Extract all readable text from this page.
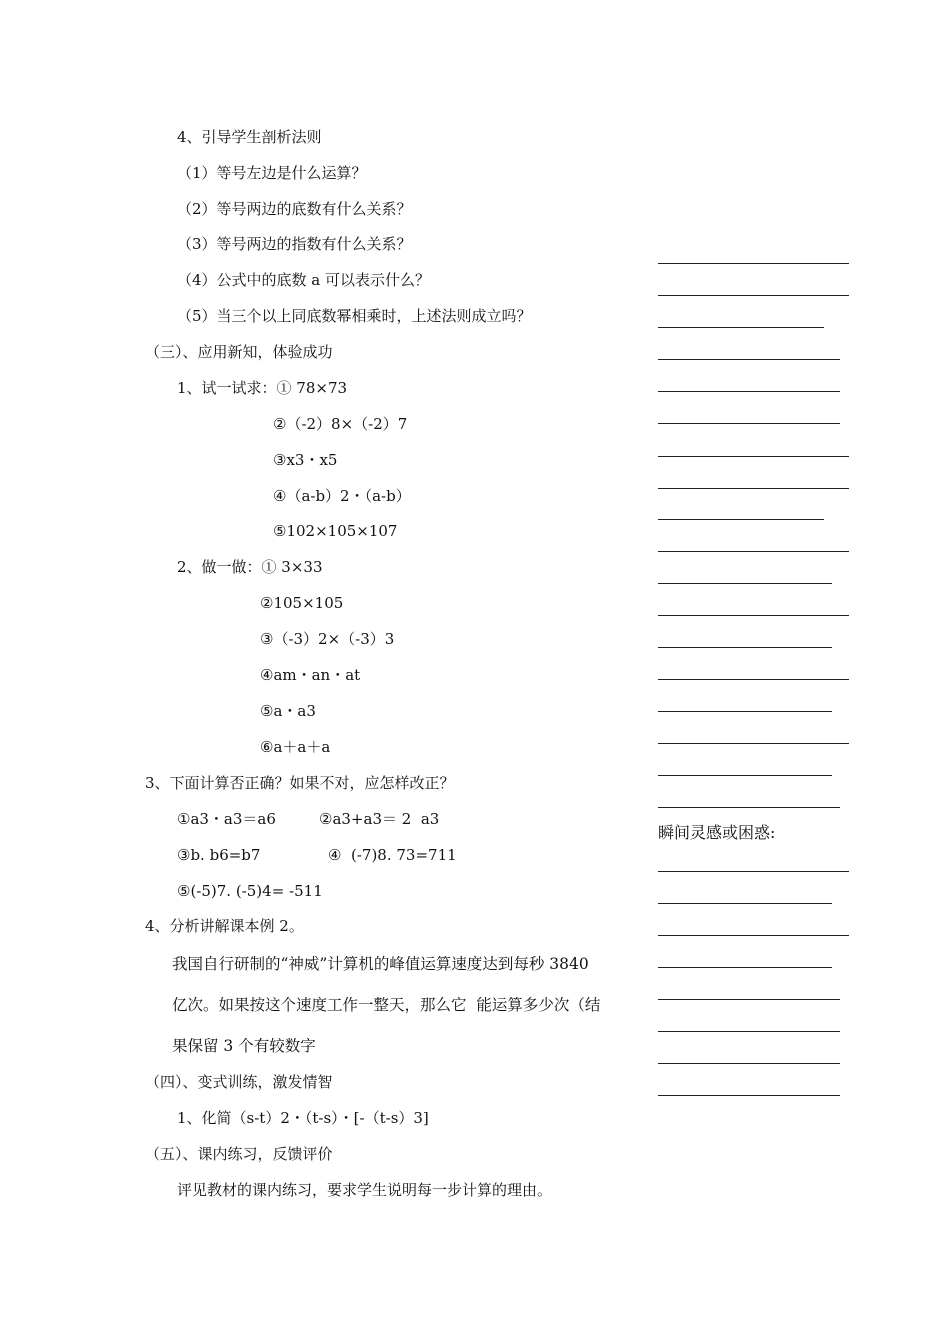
4、引导学生剖析法则
（1）等号左边是什么运算？
（2）等号两边的底数有什么关系？
（3）等号两边的指数有什么关系？
（4）公式中的底数 a 可以表示什么？
（5）当三个以上同底数幂相乘时，上述法则成立吗？
（三）、应用新知，体验成功
1、试一试求：① 78×73
②（-2）8×（-2）7
③x3・x5
④（a-b）2・（a-b）
⑤102×105×107
2、做一做：① 3×33
②105×105
③（-3）2×（-3）3
④am・an・at
⑤a・a3
⑥a＋a＋a
3、下面计算否正确？如果不对，应怎样改正？
①a3・a3＝a6	②a3+a3＝ 2  a3
③b. b6=b7	④  (-7)8. 73=711
⑤(-5)7. (-5)4= -511
4、分析讲解课本例 2。
我国自行研制的“神威”计算机的峰值运算速度达到每秒 3840
亿次。如果按这个速度工作一整天，那么它  能运算多少次（结
果保留 3 个有较数字
（四）、变式训练，激发情智
1、化简（s-t）2・（t-s）・[-（t-s）3]
（五）、课内练习，反馈评价
评见教材的课内练习，要求学生说明每一步计算的理由。
瞬间灵感或困惑:
